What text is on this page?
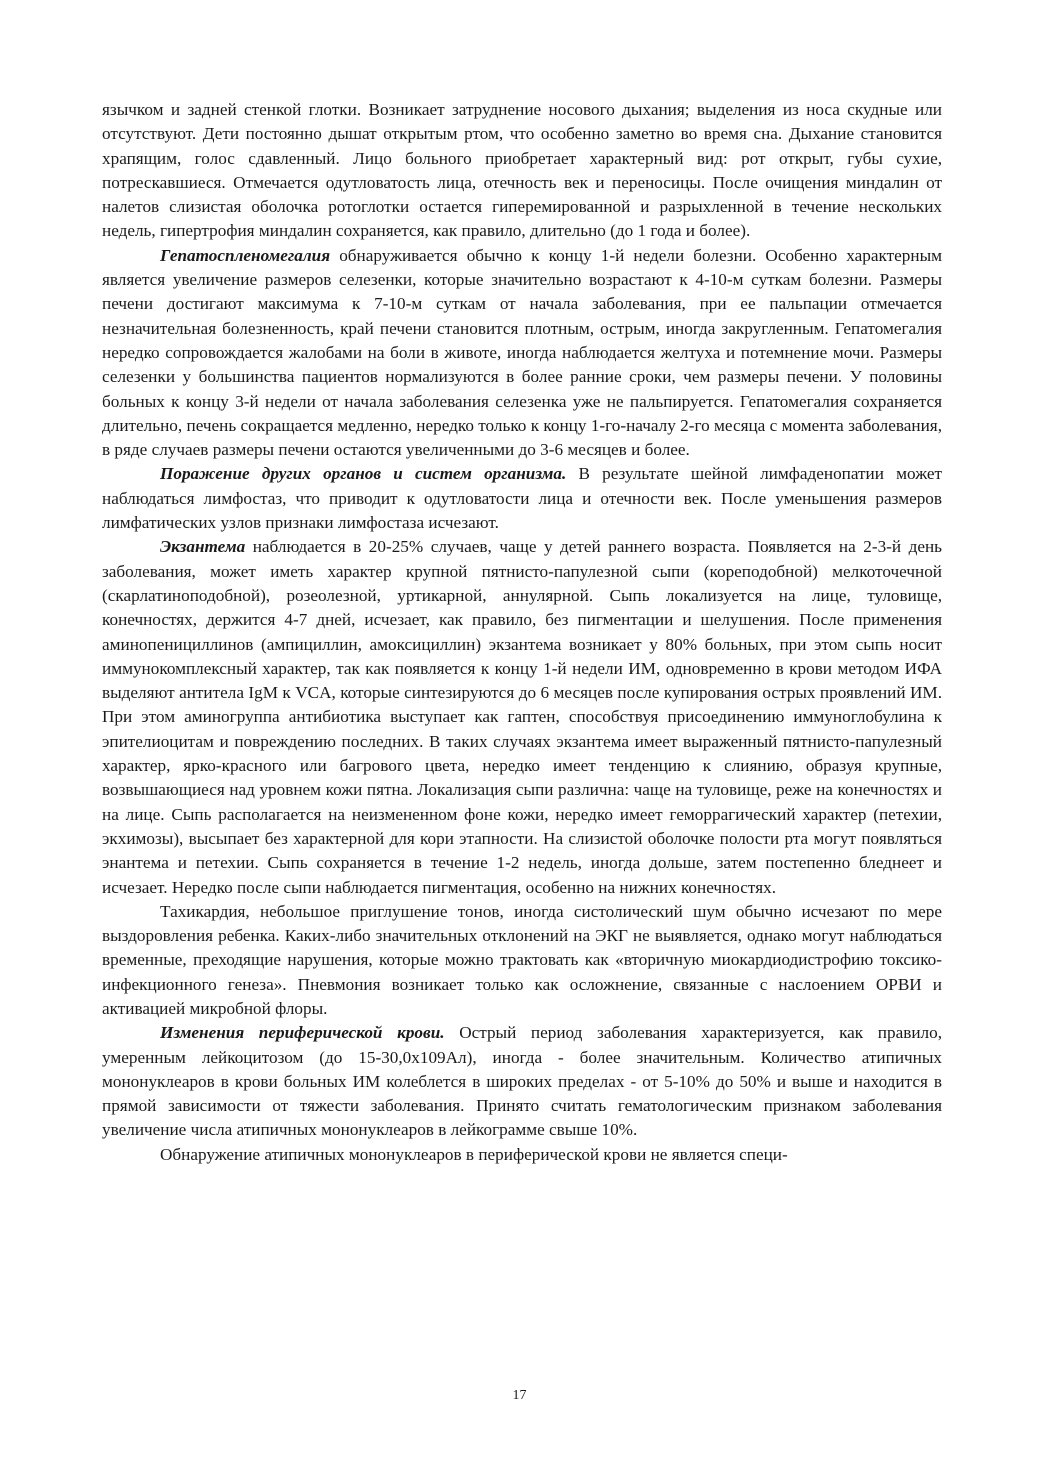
язычком и задней стенкой глотки. Возникает затруднение носового дыхания; выделения из носа скудные или отсутствуют. Дети постоянно дышат открытым ртом, что особенно заметно во время сна. Дыхание становится храпящим, голос сдавленный. Лицо больного приобретает характерный вид: рот открыт, губы сухие, потрескавшиеся. Отмечается одутловатость лица, отечность век и переносицы. После очищения миндалин от налетов слизистая оболочка ротоглотки остается гиперемированной и разрыхленной в течение нескольких недель, гипертрофия миндалин сохраняется, как правило, длительно (до 1 года и более).

Гепатоспленомегалия обнаруживается обычно к концу 1-й недели болезни. Особенно характерным является увеличение размеров селезенки, которые значительно возрастают к 4-10-м суткам болезни. Размеры печени достигают максимума к 7-10-м суткам от начала заболевания, при ее пальпации отмечается незначительная болезненность, край печени становится плотным, острым, иногда закругленным. Гепатомегалия нередко сопровождается жалобами на боли в животе, иногда наблюдается желтуха и потемнение мочи. Размеры селезенки у большинства пациентов нормализуются в более ранние сроки, чем размеры печени. У половины больных к концу 3-й недели от начала заболевания селезенка уже не пальпируется. Гепатомегалия сохраняется длительно, печень сокращается медленно, нередко только к концу 1-го-началу 2-го месяца с момента заболевания, в ряде случаев размеры печени остаются увеличенными до 3-6 месяцев и более.

Поражение других органов и систем организма. В результате шейной лимфаденопатии может наблюдаться лимфостаз, что приводит к одутловатости лица и отечности век. После уменьшения размеров лимфатических узлов признаки лимфостаза исчезают.

Экзантема наблюдается в 20-25% случаев, чаще у детей раннего возраста. Появляется на 2-3-й день заболевания, может иметь характер крупной пятнисто-папулезной сыпи (кореподобной) мелкоточечной (скарлатиноподобной), розеолезной, уртикарной, аннулярной. Сыпь локализуется на лице, туловище, конечностях, держится 4-7 дней, исчезает, как правило, без пигментации и шелушения. После применения аминопенициллинов (ампициллин, амоксициллин) экзантема возникает у 80% больных, при этом сыпь носит иммунокомплексный характер, так как появляется к концу 1-й недели ИМ, одновременно в крови методом ИФА выделяют антитела IgM к VCA, которые синтезируются до 6 месяцев после купирования острых проявлений ИМ. При этом аминогруппа антибиотика выступает как гаптен, способствуя присоединению иммуноглобулина к эпителиоцитам и повреждению последних. В таких случаях экзантема имеет выраженный пятнисто-папулезный характер, ярко-красного или багрового цвета, нередко имеет тенденцию к слиянию, образуя крупные, возвышающиеся над уровнем кожи пятна. Локализация сыпи различна: чаще на туловище, реже на конечностях и на лице. Сыпь располагается на неизмененном фоне кожи, нередко имеет геморрагический характер (петехии, экхимозы), высыпает без характерной для кори этапности. На слизистой оболочке полости рта могут появляться энантема и петехии. Сыпь сохраняется в течение 1-2 недель, иногда дольше, затем постепенно бледнеет и исчезает. Нередко после сыпи наблюдается пигментация, особенно на нижних конечностях.

Тахикардия, небольшое приглушение тонов, иногда систолический шум обычно исчезают по мере выздоровления ребенка. Каких-либо значительных отклонений на ЭКГ не выявляется, однако могут наблюдаться временные, преходящие нарушения, которые можно трактовать как «вторичную миокардиодистрофию токсико-инфекционного генеза». Пневмония возникает только как осложнение, связанные с наслоением ОРВИ и активацией микробной флоры.

Изменения периферической крови. Острый период заболевания характеризуется, как правило, умеренным лейкоцитозом (до 15-30,0х109Ал), иногда - более значительным. Количество атипичных мононуклеаров в крови больных ИМ колеблется в широких пределах - от 5-10% до 50% и выше и находится в прямой зависимости от тяжести заболевания. Принято считать гематологическим признаком заболевания увеличение числа атипичных мононуклеаров в лейкограмме свыше 10%.

Обнаружение атипичных мононуклеаров в периферической крови не является специ-

17
